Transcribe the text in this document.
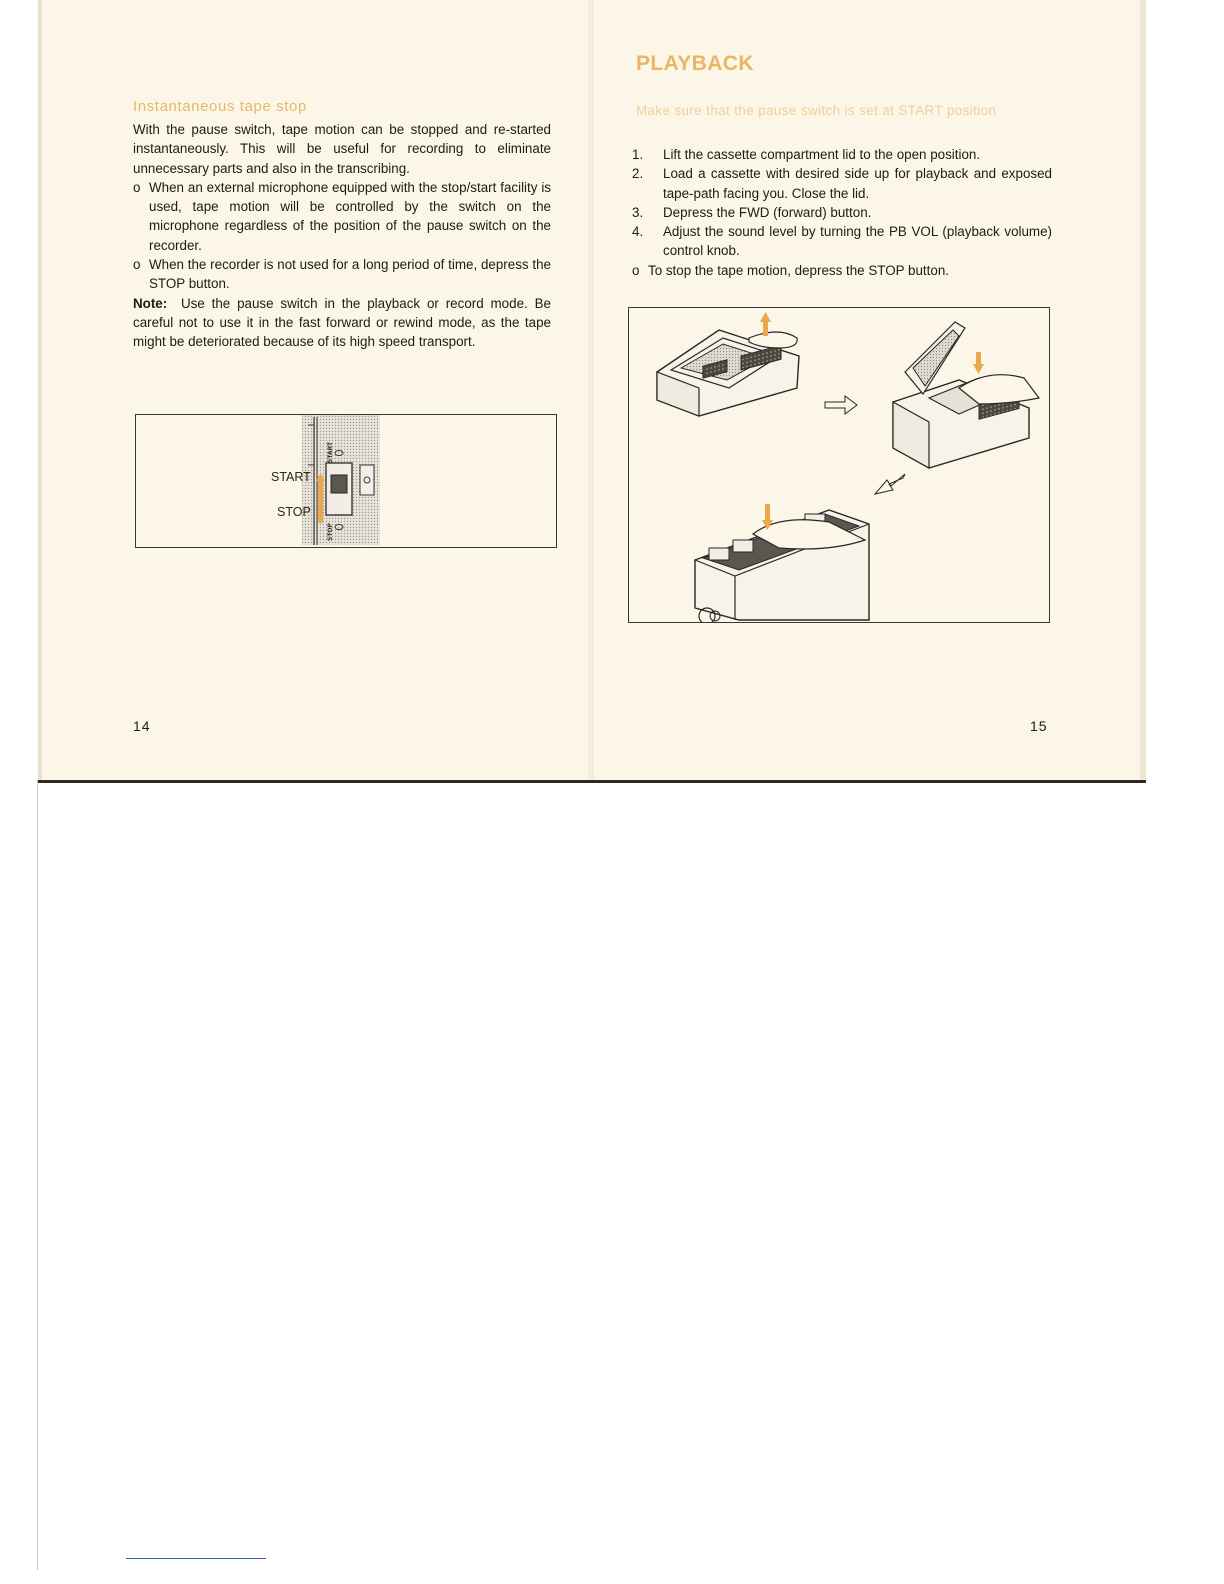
Instantaneous tape stop

With the pause switch, tape motion can be stopped and re-started instantaneously. This will be useful for recording to eliminate unnecessary parts and also in the transcribing.

o When an external microphone equipped with the stop/start facility is used, tape motion will be controlled by the switch on the microphone regardless of the position of the pause switch on the recorder.
o When the recorder is not used for a long period of time, depress the STOP button.

Note: Use the pause switch in the playback or record mode. Be careful not to use it in the fast forward or rewind mode, as the tape might be deteriorated because of its high speed transport.

START
STOP
START
STOP
14
PLAYBACK
Make sure that the pause switch is set at START position
1.	Lift the cassette compartment lid to the open position.
2.	Load a cassette with desired side up for playback and exposed tape-path facing you. Close the lid.
3.	Depress the FWD (forward) button.
4.	Adjust the sound level by turning the PB VOL (playback volume) control knob.
o To stop the tape motion, depress the STOP button.
15
